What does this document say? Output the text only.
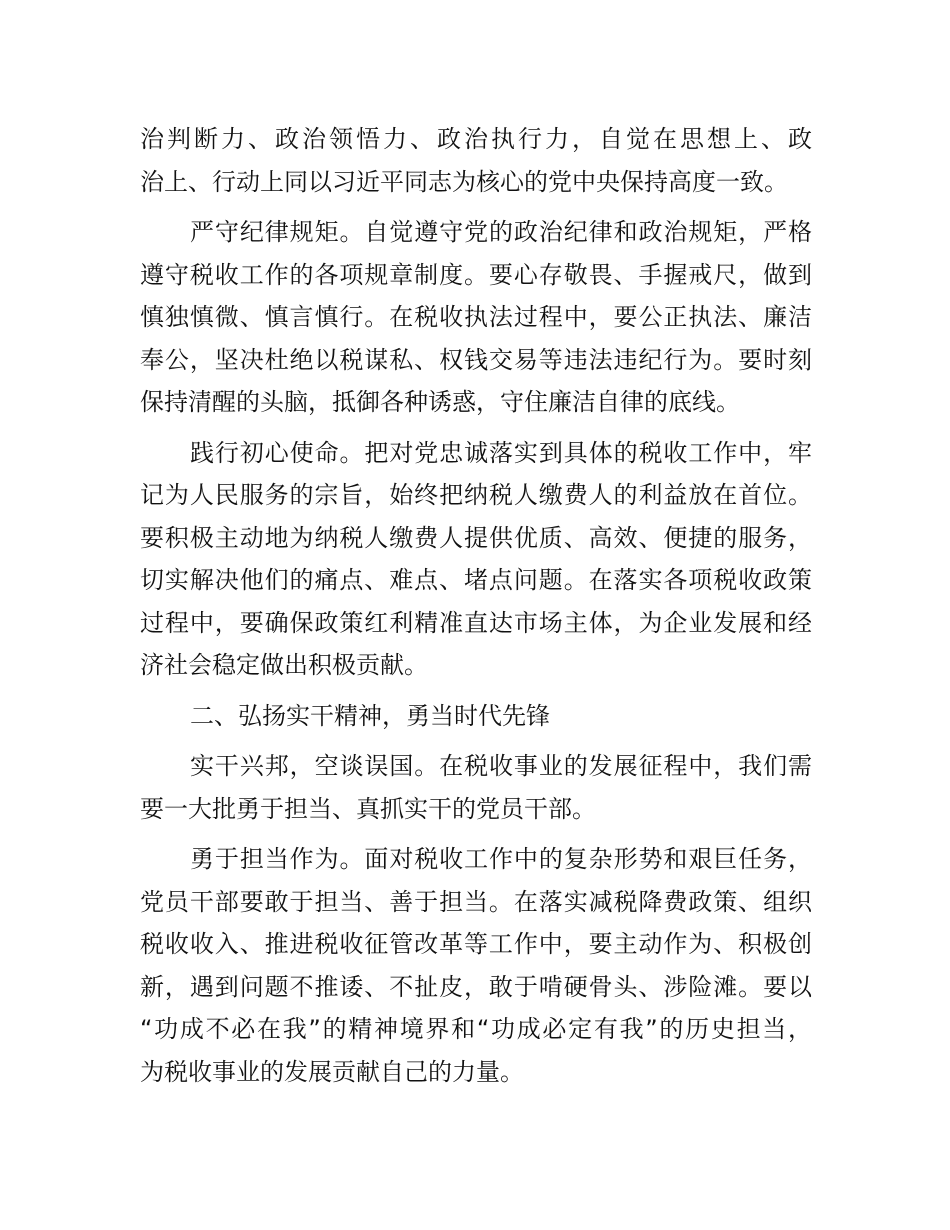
治判断力、政治领悟力、政治执行力，自觉在思想上、政
治上、行动上同以习近平同志为核心的党中央保持高度一致。
严守纪律规矩。自觉遵守党的政治纪律和政治规矩，严格
遵守税收工作的各项规章制度。要心存敬畏、手握戒尺，做到
慎独慎微、慎言慎行。在税收执法过程中，要公正执法、廉洁
奉公，坚决杜绝以税谋私、权钱交易等违法违纪行为。要时刻
保持清醒的头脑，抵御各种诱惑，守住廉洁自律的底线。
践行初心使命。把对党忠诚落实到具体的税收工作中，牢
记为人民服务的宗旨，始终把纳税人缴费人的利益放在首位。
要积极主动地为纳税人缴费人提供优质、高效、便捷的服务，
切实解决他们的痛点、难点、堵点问题。在落实各项税收政策
过程中，要确保政策红利精准直达市场主体，为企业发展和经
济社会稳定做出积极贡献。
二、弘扬实干精神，勇当时代先锋
实干兴邦，空谈误国。在税收事业的发展征程中，我们需
要一大批勇于担当、真抓实干的党员干部。
勇于担当作为。面对税收工作中的复杂形势和艰巨任务，
党员干部要敢于担当、善于担当。在落实减税降费政策、组织
税收收入、推进税收征管改革等工作中，要主动作为、积极创
新，遇到问题不推诿、不扯皮，敢于啃硬骨头、涉险滩。要以
“功成不必在我”的精神境界和“功成必定有我”的历史担当，
为税收事业的发展贡献自己的力量。
